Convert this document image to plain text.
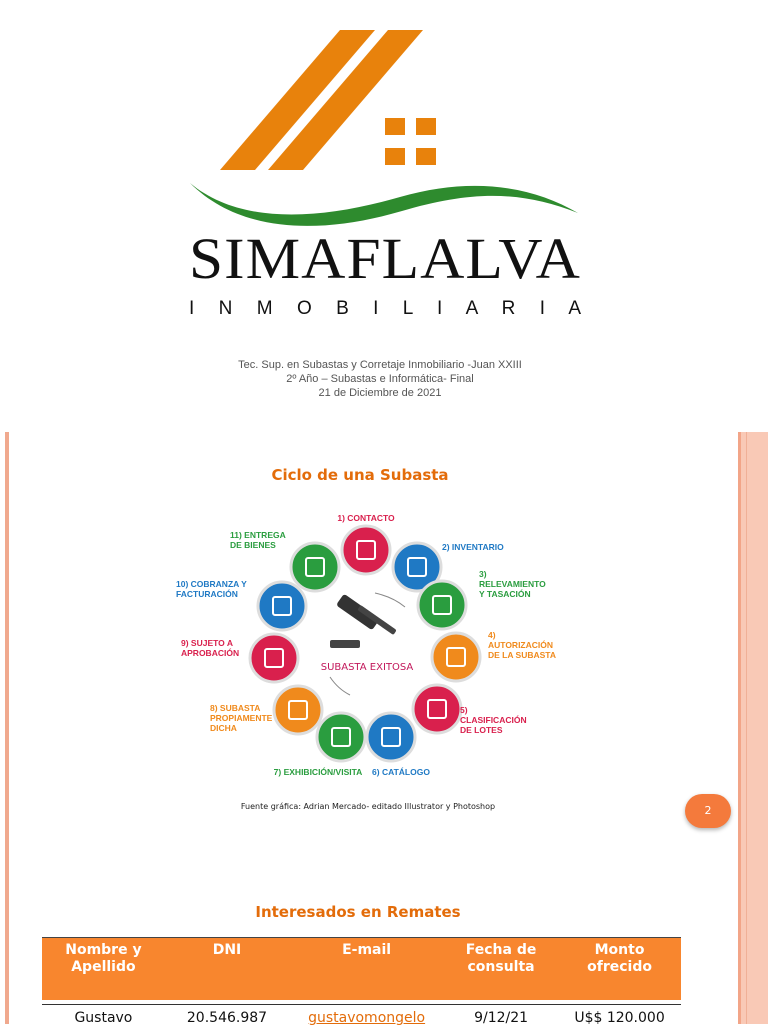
SIMAFLALVA
I N M O B I L I A R I A
Tec. Sup. en Subastas y Corretaje Inmobiliario -Juan XXIII
2º Año – Subastas e Informática- Final
21 de Diciembre de 2021
Ciclo de una Subasta
Fuente gráfica: Adrian Mercado- editado Illustrator y Photoshop	2
SUBASTA EXITOSA
1) CONTACTO
2) INVENTARIO
3) RELEVAMIENTO Y TASACIÓN
4) AUTORIZACIÓN DE LA SUBASTA
5) CLASIFICACIÓN DE LOTES
6) CATÁLOGO
7) EXHIBICIÓN/VISITA
8) SUBASTA PROPIAMENTE DICHA
9) SUJETO A APROBACIÓN
10) COBRANZA Y FACTURACIÓN
11) ENTREGA DE BIENES
Interesados en Remates
Nombre y Apellido	DNI	E-mail	Fecha de consulta	Monto ofrecido

Gustavo	20.546.987	gustavomongelo	9/12/21	U$$ 120.000
